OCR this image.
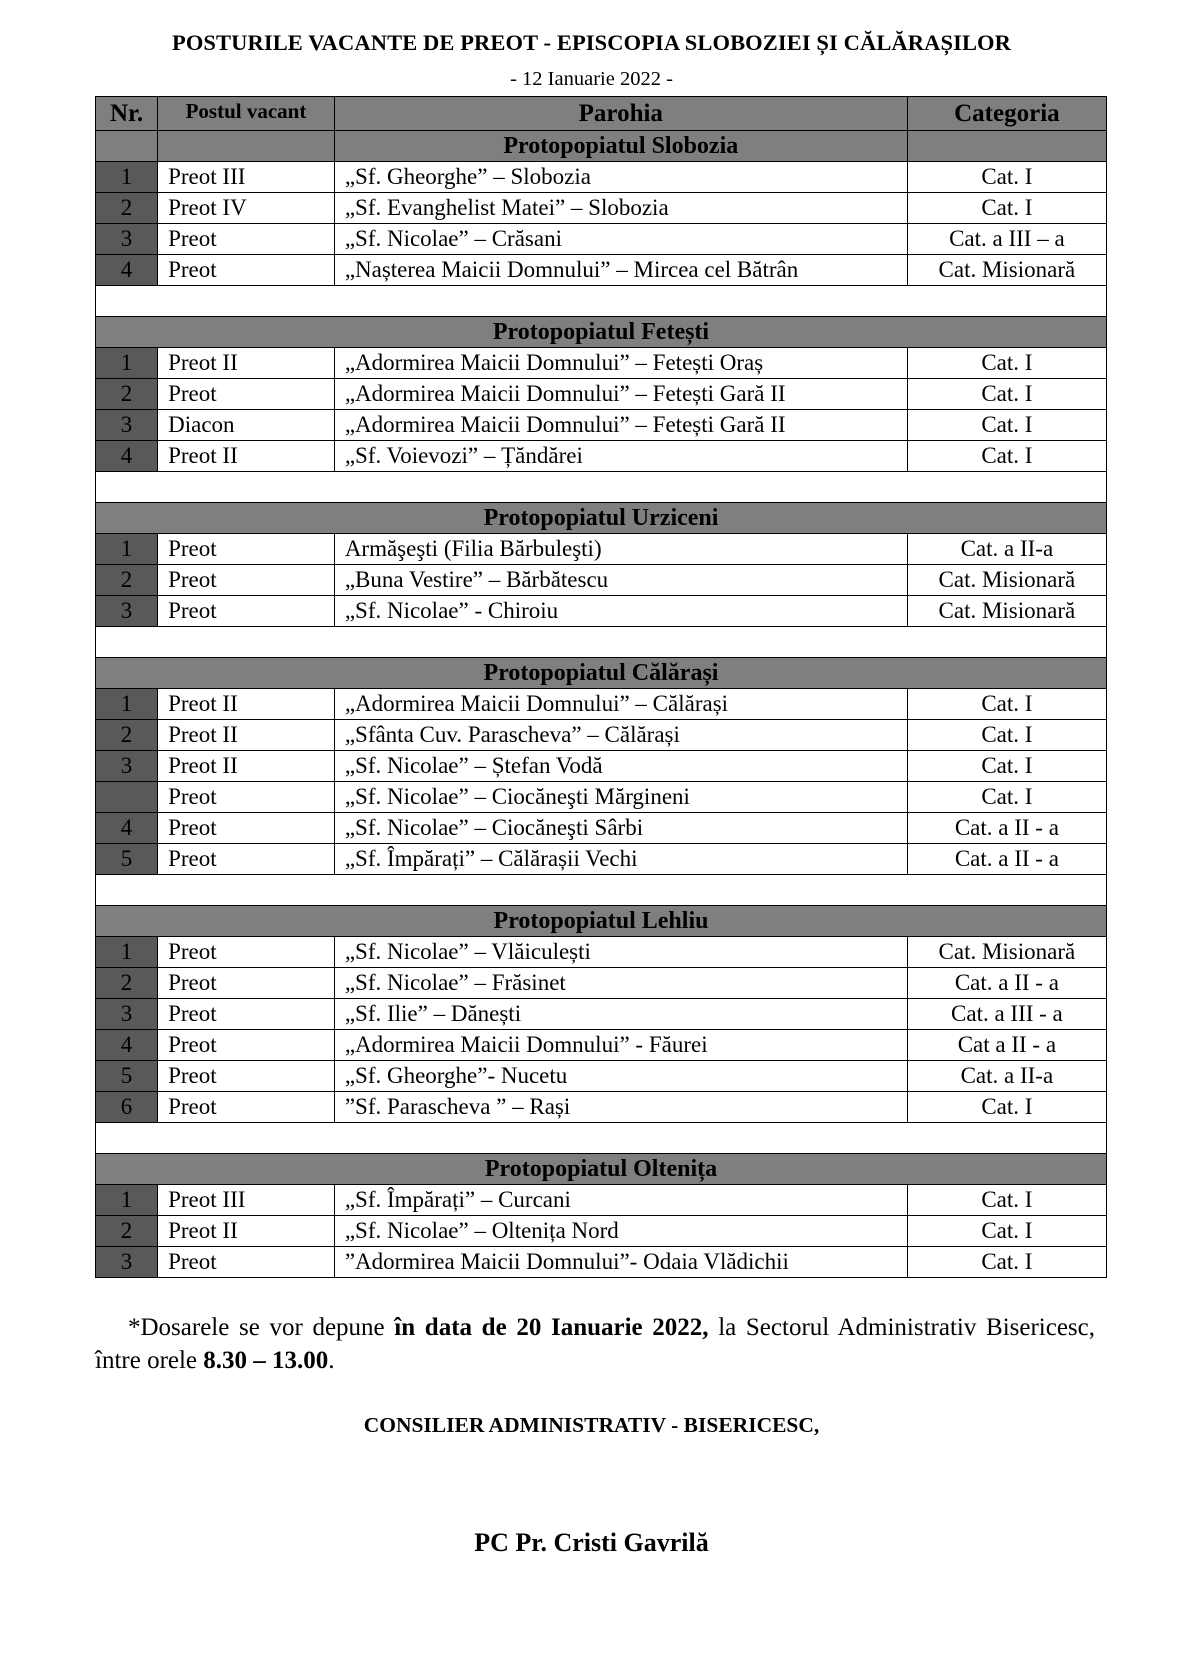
POSTURILE VACANTE DE PREOT - EPISCOPIA SLOBOZIEI ȘI CĂLĂRAȘILOR
- 12 Ianuarie 2022 -
Nr.	Postul vacant	Parohia	Categoria
		Protopopiatul Slobozia	
1	Preot III	„Sf. Gheorghe” – Slobozia	Cat. I
2	Preot IV	„Sf. Evanghelist Matei” – Slobozia	Cat. I
3	Preot	„Sf. Nicolae” – Crăsani	Cat. a III – a
4	Preot	„Nașterea Maicii Domnului” – Mircea cel Bătrân	Cat. Misionară

Protopopiatul Fetești			
1	Preot II	„Adormirea Maicii Domnului” – Fetești Oraș	Cat. I
2	Preot	„Adormirea Maicii Domnului” – Fetești Gară II	Cat. I
3	Diacon	„Adormirea Maicii Domnului” – Fetești Gară II	Cat. I
4	Preot II	„Sf. Voievozi” – Țăndărei	Cat. I

Protopopiatul Urziceni			
1	Preot	Armăşeşti (Filia Bărbuleşti)	Cat. a II-a
2	Preot	„Buna Vestire” – Bărbătescu	Cat. Misionară
3	Preot	„Sf. Nicolae” - Chiroiu	Cat. Misionară

Protopopiatul Călărași			
1	Preot II	„Adormirea Maicii Domnului” – Călărași	Cat. I
2	Preot II	„Sfânta Cuv. Parascheva” – Călărași	Cat. I
3	Preot II	„Sf. Nicolae” – Ștefan Vodă	Cat. I
	Preot	„Sf. Nicolae” – Ciocăneşti Mărgineni	Cat. I
4	Preot	„Sf. Nicolae” – Ciocăneşti Sârbi	Cat. a II - a
5	Preot	„Sf. Împărați” – Călărașii Vechi	Cat. a II - a

Protopopiatul Lehliu			
1	Preot	„Sf. Nicolae” – Vlăiculești	Cat. Misionară
2	Preot	„Sf. Nicolae” – Frăsinet	Cat. a II - a
3	Preot	„Sf. Ilie” – Dănești	Cat. a III - a
4	Preot	„Adormirea Maicii Domnului” - Făurei	Cat a II - a
5	Preot	„Sf. Gheorghe”- Nucetu	Cat. a II-a
6	Preot	”Sf. Parascheva ” – Rași	Cat. I

Protopopiatul Oltenița			
1	Preot III	„Sf. Împărați” – Curcani	Cat. I
2	Preot II	„Sf. Nicolae” – Oltenița Nord	Cat. I
3	Preot	”Adormirea Maicii Domnului”- Odaia Vlădichii	Cat. I
*Dosarele se vor depune în data de 20 Ianuarie 2022, la Sectorul Administrativ Bisericesc, între orele 8.30 – 13.00.
CONSILIER ADMINISTRATIV - BISERICESC,
PC Pr. Cristi Gavrilă
